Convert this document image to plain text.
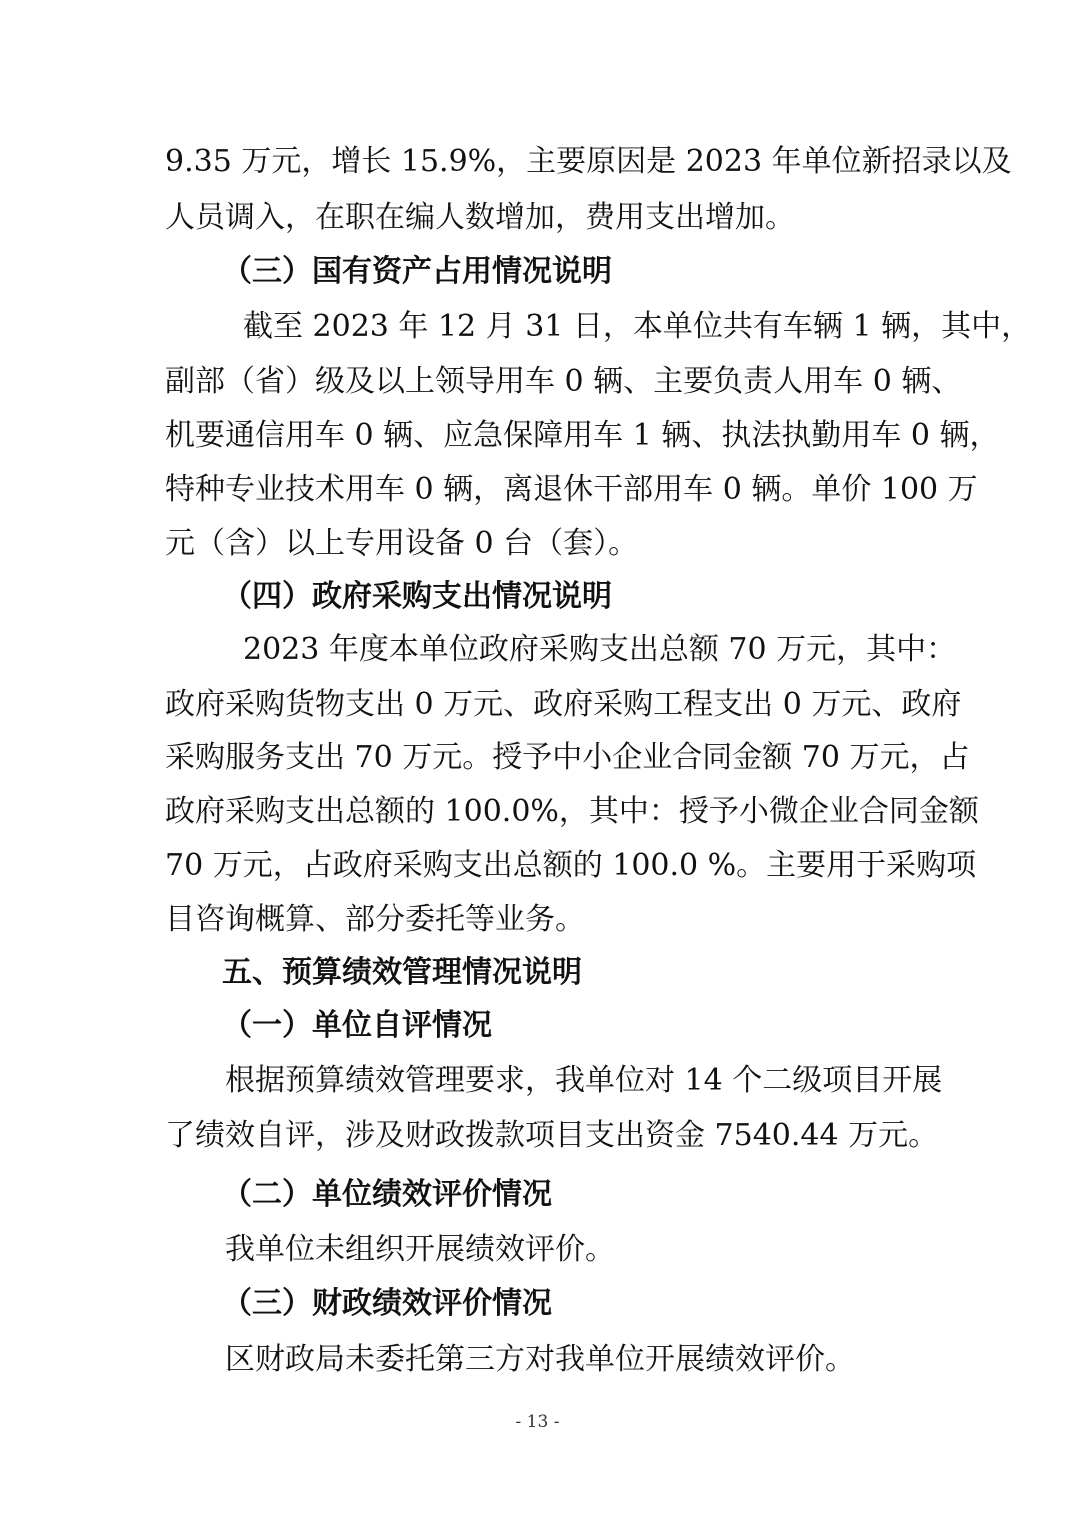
9.35 万元，增长 15.9%，主要原因是 2023 年单位新招录以及

人员调入，在职在编人数增加，费用支出增加。

（三）国有资产占用情况说明

截至 2023 年 12 月 31 日，本单位共有车辆 1 辆，其中，

副部（省）级及以上领导用车 0 辆、主要负责人用车 0 辆、

机要通信用车 0 辆、应急保障用车 1 辆、执法执勤用车 0 辆，

特种专业技术用车 0 辆，离退休干部用车 0 辆。单价 100 万

元（含）以上专用设备 0 台（套）。

（四）政府采购支出情况说明

2023 年度本单位政府采购支出总额 70 万元，其中：

政府采购货物支出 0 万元、政府采购工程支出 0 万元、政府

采购服务支出 70 万元。授予中小企业合同金额 70 万元，占

政府采购支出总额的 100.0%，其中：授予小微企业合同金额

70 万元，占政府采购支出总额的 100.0 %。主要用于采购项

目咨询概算、部分委托等业务。

五、预算绩效管理情况说明

（一）单位自评情况

根据预算绩效管理要求，我单位对 14 个二级项目开展

了绩效自评，涉及财政拨款项目支出资金 7540.44 万元。

（二）单位绩效评价情况

我单位未组织开展绩效评价。

（三）财政绩效评价情况

区财政局未委托第三方对我单位开展绩效评价。

- 13 -
